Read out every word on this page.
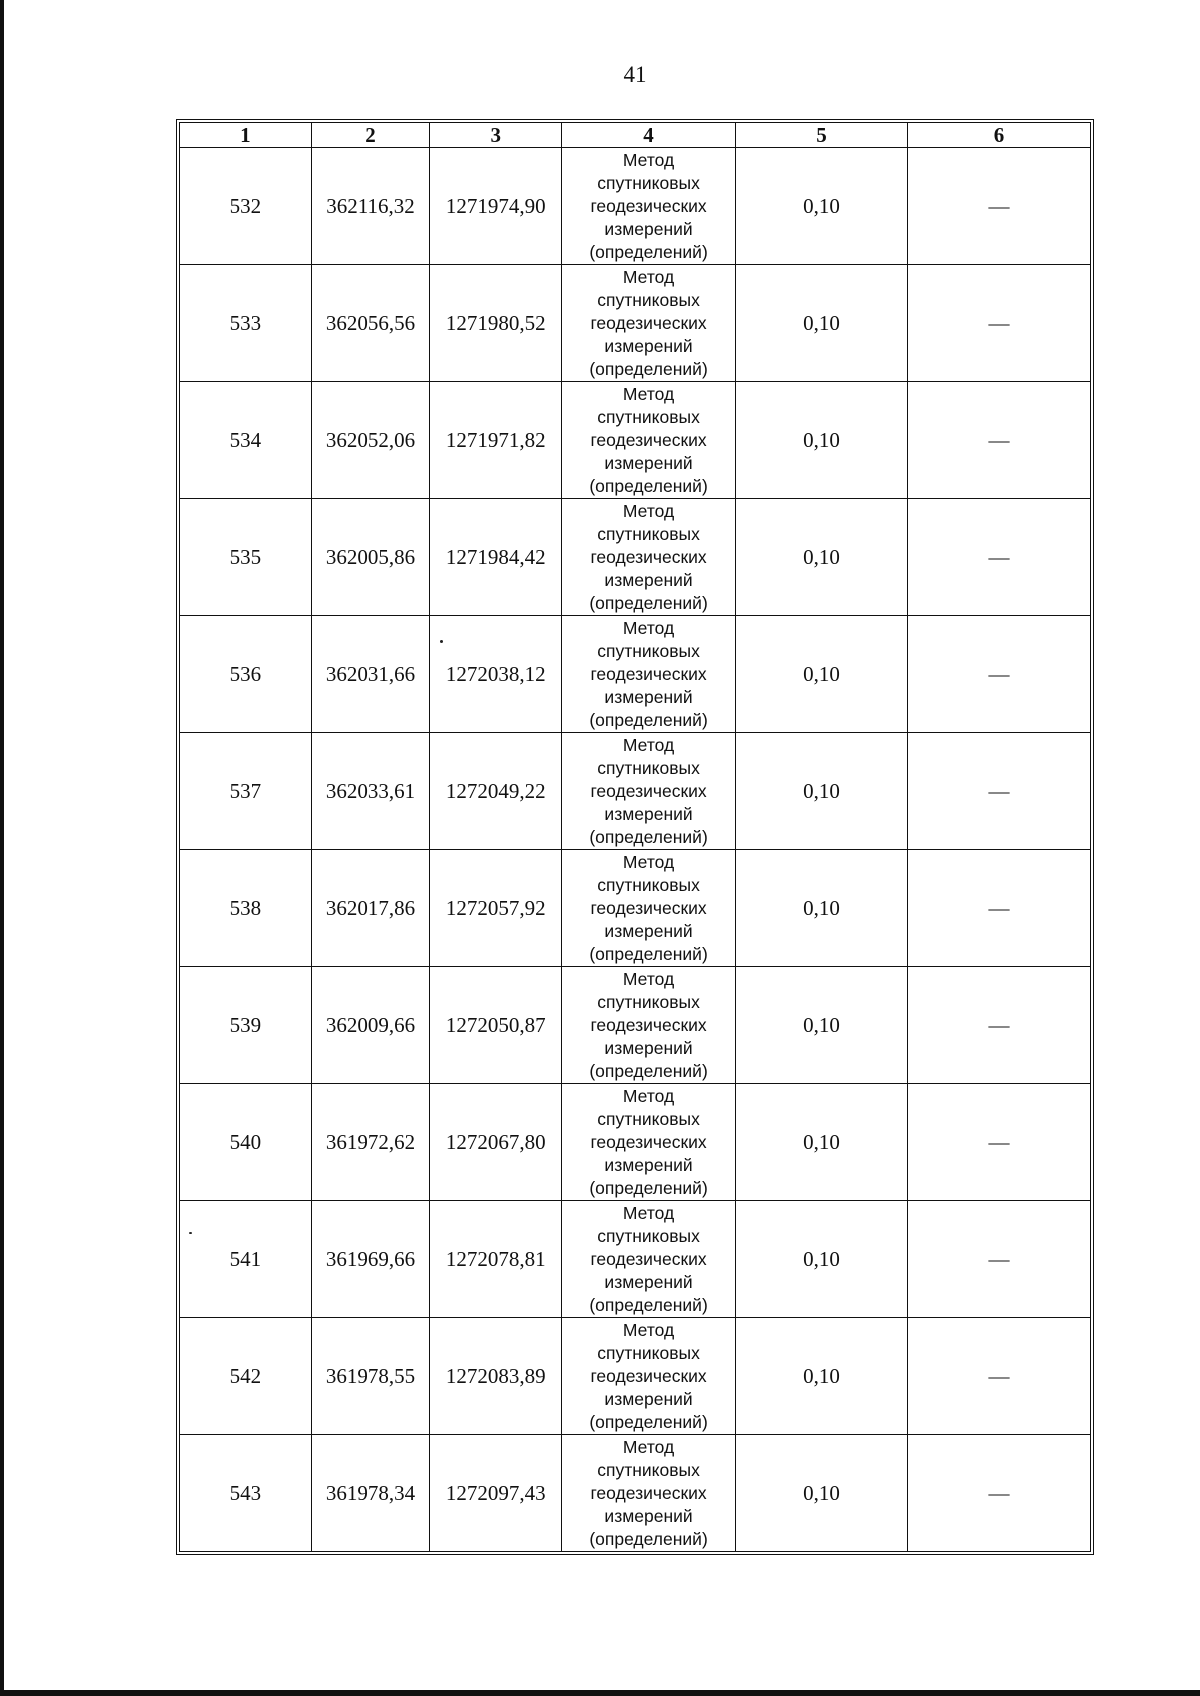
41
1	2	3	4	5	6
532	362116,32	1271974,90	Метод
спутниковых
геодезических
измерений
(определений)	0,10	—
533	362056,56	1271980,52	Метод
спутниковых
геодезических
измерений
(определений)	0,10	—
534	362052,06	1271971,82	Метод
спутниковых
геодезических
измерений
(определений)	0,10	—
535	362005,86	1271984,42	Метод
спутниковых
геодезических
измерений
(определений)	0,10	—
536	362031,66	1272038,12	Метод
спутниковых
геодезических
измерений
(определений)	0,10	—
537	362033,61	1272049,22	Метод
спутниковых
геодезических
измерений
(определений)	0,10	—
538	362017,86	1272057,92	Метод
спутниковых
геодезических
измерений
(определений)	0,10	—
539	362009,66	1272050,87	Метод
спутниковых
геодезических
измерений
(определений)	0,10	—
540	361972,62	1272067,80	Метод
спутниковых
геодезических
измерений
(определений)	0,10	—
541	361969,66	1272078,81	Метод
спутниковых
геодезических
измерений
(определений)	0,10	—
542	361978,55	1272083,89	Метод
спутниковых
геодезических
измерений
(определений)	0,10	—
543	361978,34	1272097,43	Метод
спутниковых
геодезических
измерений
(определений)	0,10	—
